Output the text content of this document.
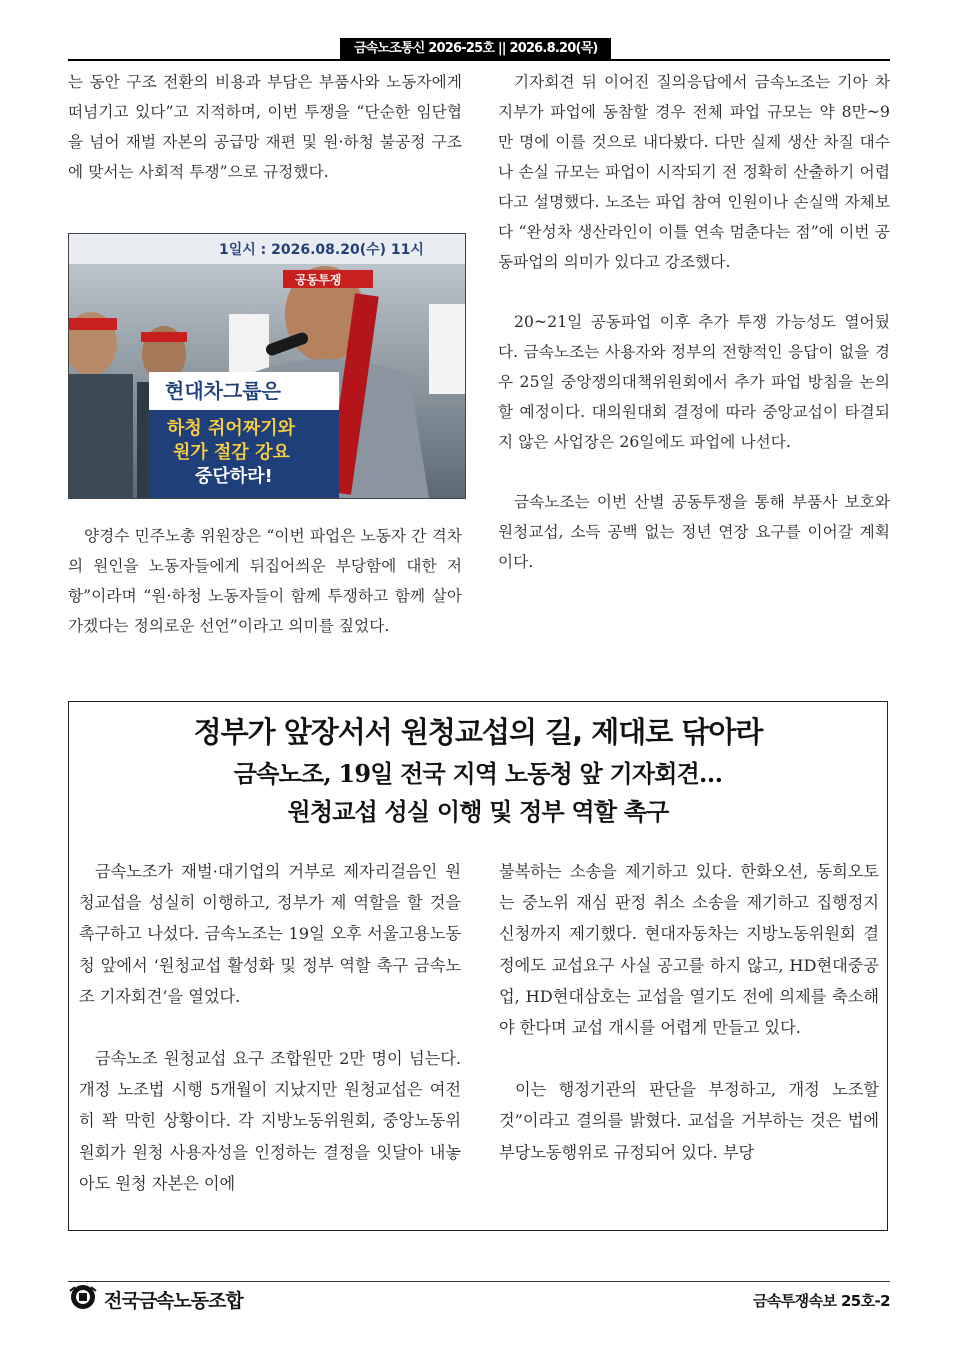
금속노조통신 2026-25호 || 2026.8.20(목)

는 동안 구조 전환의 비용과 부담은 부품사와 노동자에게 떠넘기고 있다”고 지적하며, 이번 투쟁을 “단순한 임단협을 넘어 재벌 자본의 공급망 재편 및 원·하청 불공정 구조에 맞서는 사회적 투쟁”으로 규정했다.

1일시 : 2026.08.20(수) 11시
공동투쟁
현대차그룹은
하청 쥐어짜기와
원가 절감 강요
중단하라!

양경수 민주노총 위원장은 “이번 파업은 노동자 간 격차의 원인을 노동자들에게 뒤집어씌운 부당함에 대한 저항”이라며 “원·하청 노동자들이 함께 투쟁하고 함께 살아가겠다는 정의로운 선언”이라고 의미를 짚었다.

기자회견 뒤 이어진 질의응답에서 금속노조는 기아 차지부가 파업에 동참할 경우 전체 파업 규모는 약 8만~9만 명에 이를 것으로 내다봤다. 다만 실제 생산 차질 대수나 손실 규모는 파업이 시작되기 전 정확히 산출하기 어렵다고 설명했다. 노조는 파업 참여 인원이나 손실액 자체보다 “완성차 생산라인이 이틀 연속 멈춘다는 점”에 이번 공동파업의 의미가 있다고 강조했다.

20~21일 공동파업 이후 추가 투쟁 가능성도 열어뒀다. 금속노조는 사용자와 정부의 전향적인 응답이 없을 경우 25일 중앙쟁의대책위원회에서 추가 파업 방침을 논의할 예정이다. 대의원대회 결정에 따라 중앙교섭이 타결되지 않은 사업장은 26일에도 파업에 나선다.

금속노조는 이번 산별 공동투쟁을 통해 부품사 보호와 원청교섭, 소득 공백 없는 정년 연장 요구를 이어갈 계획이다.

정부가 앞장서서 원청교섭의 길, 제대로 닦아라
금속노조, 19일 전국 지역 노동청 앞 기자회견…
원청교섭 성실 이행 및 정부 역할 촉구

금속노조가 재벌·대기업의 거부로 제자리걸음인 원청교섭을 성실히 이행하고, 정부가 제 역할을 할 것을 촉구하고 나섰다. 금속노조는 19일 오후 서울고용노동청 앞에서 ‘원청교섭 활성화 및 정부 역할 촉구 금속노조 기자회견’을 열었다.

금속노조 원청교섭 요구 조합원만 2만 명이 넘는다. 개정 노조법 시행 5개월이 지났지만 원청교섭은 여전히 꽉 막힌 상황이다. 각 지방노동위원회, 중앙노동위원회가 원청 사용자성을 인정하는 결정을 잇달아 내놓아도 원청 자본은 이에

불복하는 소송을 제기하고 있다. 한화오션, 동희오토는 중노위 재심 판정 취소 소송을 제기하고 집행정지 신청까지 제기했다. 현대자동차는 지방노동위원회 결정에도 교섭요구 사실 공고를 하지 않고, HD현대중공업, HD현대삼호는 교섭을 열기도 전에 의제를 축소해야 한다며 교섭 개시를 어렵게 만들고 있다.

이는 행정기관의 판단을 부정하고, 개정 노조할 것”이라고 결의를 밝혔다. 교섭을 거부하는 것은 법에 부당노동행위로 규정되어 있다. 부당

전국금속노동조합	금속투쟁속보 25호-2
